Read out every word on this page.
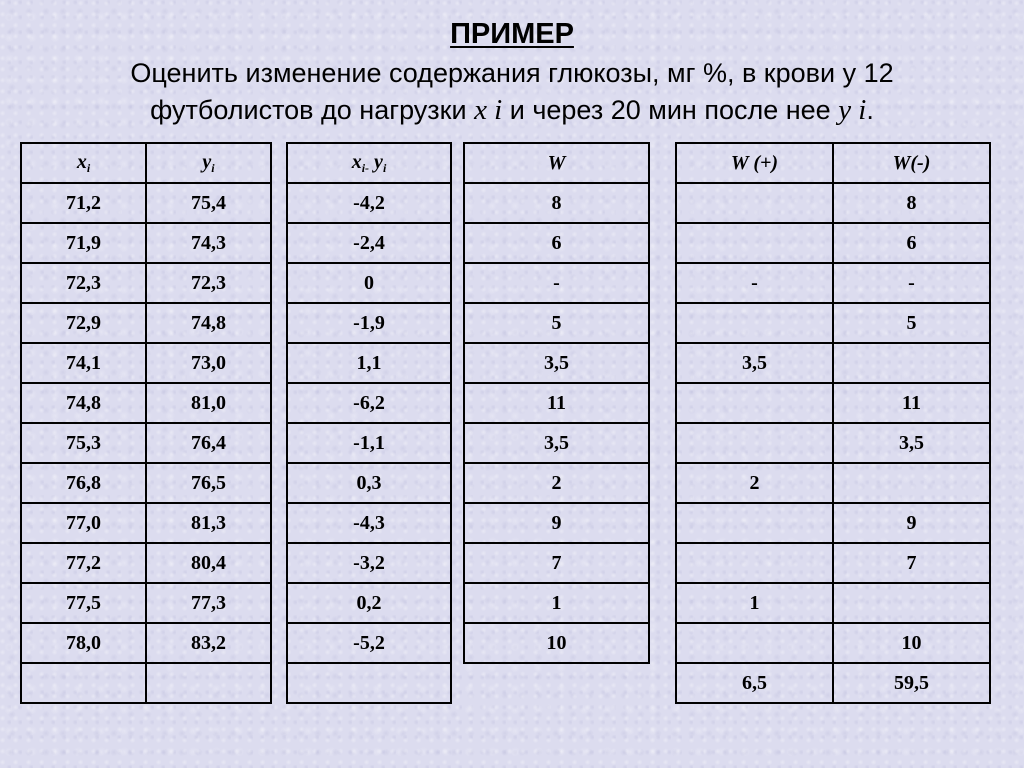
ПРИМЕР
Оценить изменение содержания глюкозы, мг %, в крови у 12
футболистов до нагрузки x i и через 20 мин после нее y i.
$x_i$	$y_i$
71,2	75,4
71,9	74,3
72,3	72,3
72,9	74,8
74,1	73,0
74,8	81,0
75,3	76,4
76,8	76,5
77,0	81,3
77,2	80,4
77,5	77,3
78,0	83,2

$x_{i-}$ $y_i$
-4,2
-2,4
0
-1,9
1,1
-6,2
-1,1
0,3
-4,3
-3,2
0,2
-5,2

W
8
6
-
5
3,5
11
3,5
2
9
7
1
10
W (+)	W(-)
	8
	6
-	-
	5
3,5	
	11
	3,5
2	
	9
	7
1	
	10
6,5	59,5
